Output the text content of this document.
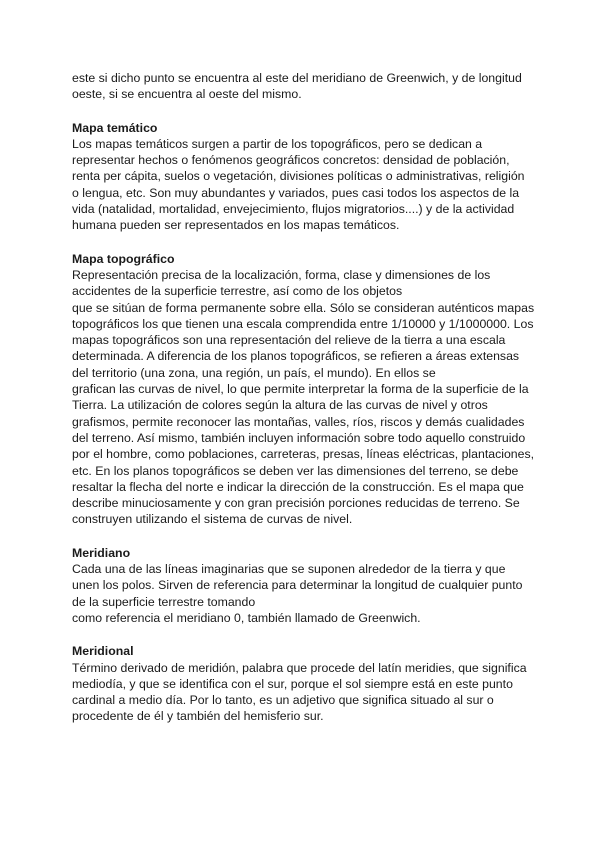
este si dicho punto se encuentra al este del meridiano de Greenwich, y de longitud
oeste, si se encuentra al oeste del mismo.
Mapa temático
Los mapas temáticos surgen a partir de los topográficos, pero se dedican a
representar hechos o fenómenos geográficos concretos: densidad de población,
renta per cápita, suelos o vegetación, divisiones políticas o administrativas, religión
o lengua, etc. Son muy abundantes y variados, pues casi todos los aspectos de la
vida (natalidad, mortalidad, envejecimiento, flujos migratorios....) y de la actividad
humana pueden ser representados en los mapas temáticos.
Mapa topográfico
Representación precisa de la localización, forma, clase y dimensiones de los
accidentes de la superficie terrestre, así como de los objetos
que se sitúan de forma permanente sobre ella. Sólo se consideran auténticos mapas
topográficos los que tienen una escala comprendida entre 1/10000 y 1/1000000. Los
mapas topográficos son una representación del relieve de la tierra a una escala
determinada. A diferencia de los planos topográficos, se refieren a áreas extensas
del territorio (una zona, una región, un país, el mundo). En ellos se
grafican las curvas de nivel, lo que permite interpretar la forma de la superficie de la
Tierra. La utilización de colores según la altura de las curvas de nivel y otros
grafismos, permite reconocer las montañas, valles, ríos, riscos y demás cualidades
del terreno. Así mismo, también incluyen información sobre todo aquello construido
por el hombre, como poblaciones, carreteras, presas, líneas eléctricas, plantaciones,
etc. En los planos topográficos se deben ver las dimensiones del terreno, se debe
resaltar la flecha del norte e indicar la dirección de la construcción. Es el mapa que
describe minuciosamente y con gran precisión porciones reducidas de terreno. Se
construyen utilizando el sistema de curvas de nivel.
Meridiano
Cada una de las líneas imaginarias que se suponen alrededor de la tierra y que
unen los polos. Sirven de referencia para determinar la longitud de cualquier punto
de la superficie terrestre tomando
como referencia el meridiano 0, también llamado de Greenwich.
Meridional
Término derivado de meridión, palabra que procede del latín meridies, que significa
mediodía, y que se identifica con el sur, porque el sol siempre está en este punto
cardinal a medio día. Por lo tanto, es un adjetivo que significa situado al sur o
procedente de él y también del hemisferio sur.
